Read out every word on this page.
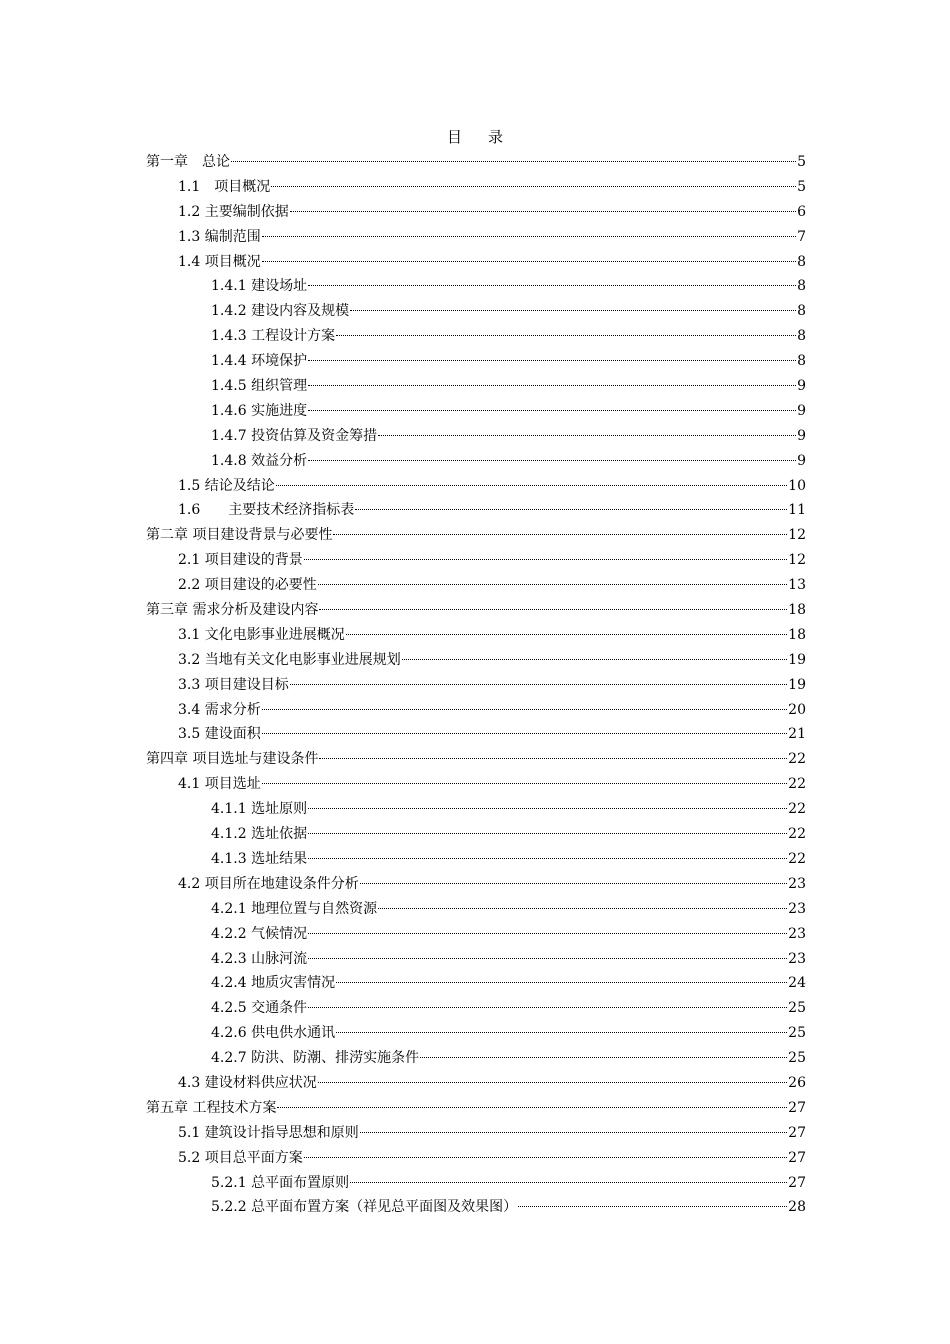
目 录
第一章　总论	5
1.1　项目概况	5
1.2 主要编制依据	6
1.3 编制范围	7
1.4 项目概况	8
1.4.1 建设场址	8
1.4.2 建设内容及规模	8
1.4.3 工程设计方案	8
1.4.4 环境保护	8
1.4.5 组织管理	9
1.4.6 实施进度	9
1.4.7 投资估算及资金筹措	9
1.4.8 效益分析	9
1.5 结论及结论	10
1.6　　主要技术经济指标表	11
第二章 项目建设背景与必要性	12
2.1 项目建设的背景	12
2.2 项目建设的必要性	13
第三章 需求分析及建设内容	18
3.1 文化电影事业进展概况	18
3.2 当地有关文化电影事业进展规划	19
3.3 项目建设目标	19
3.4 需求分析	20
3.5 建设面积	21
第四章 项目选址与建设条件	22
4.1 项目选址	22
4.1.1 选址原则	22
4.1.2 选址依据	22
4.1.3 选址结果	22
4.2 项目所在地建设条件分析	23
4.2.1 地理位置与自然资源	23
4.2.2 气候情况	23
4.2.3 山脉河流	23
4.2.4 地质灾害情况	24
4.2.5 交通条件	25
4.2.6 供电供水通讯	25
4.2.7 防洪、防潮、排涝实施条件	25
4.3 建设材料供应状况	26
第五章 工程技术方案	27
5.1 建筑设计指导思想和原则	27
5.2 项目总平面方案	27
5.2.1 总平面布置原则	27
5.2.2 总平面布置方案（祥见总平面图及效果图）	28
